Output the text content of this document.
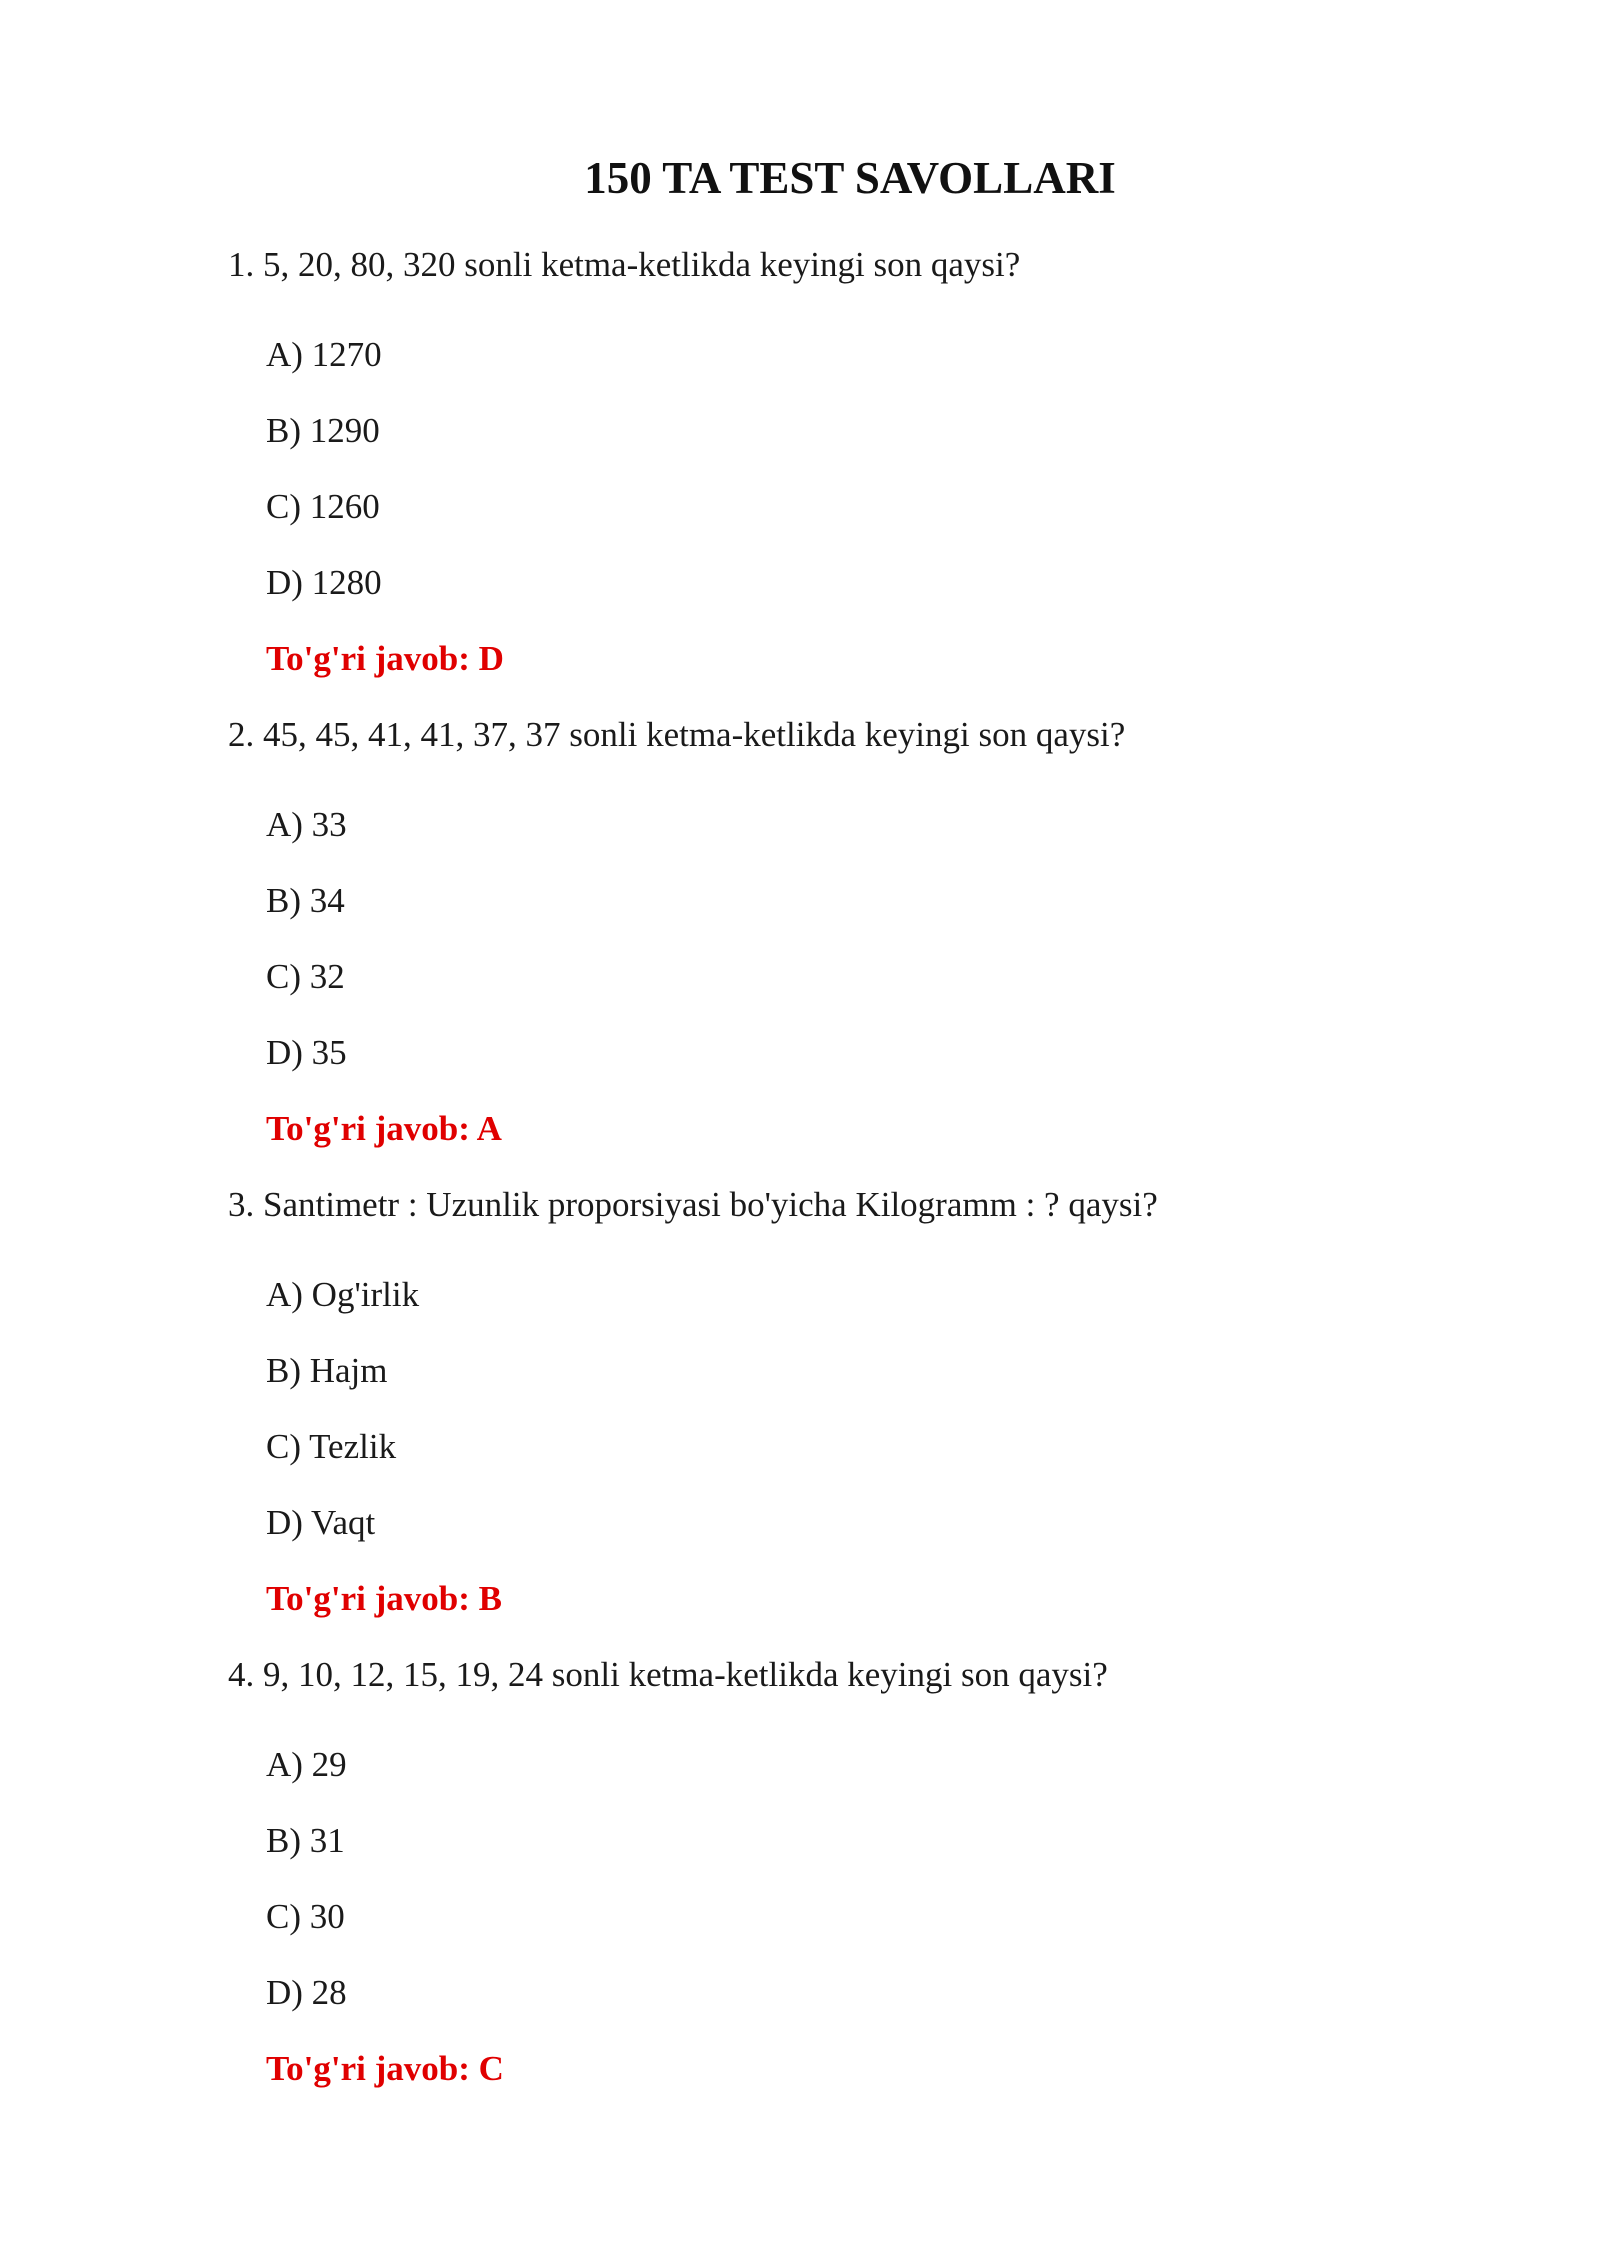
150 TA TEST SAVOLLARI
1. 5, 20, 80, 320 sonli ketma-ketlikda keyingi son qaysi?
A) 1270
B) 1290
C) 1260
D) 1280
To'g'ri javob: D
2. 45, 45, 41, 41, 37, 37 sonli ketma-ketlikda keyingi son qaysi?
A) 33
B) 34
C) 32
D) 35
To'g'ri javob: A
3. Santimetr : Uzunlik proporsiyasi bo'yicha Kilogramm : ? qaysi?
A) Og'irlik
B) Hajm
C) Tezlik
D) Vaqt
To'g'ri javob: B
4. 9, 10, 12, 15, 19, 24 sonli ketma-ketlikda keyingi son qaysi?
A) 29
B) 31
C) 30
D) 28
To'g'ri javob: C
